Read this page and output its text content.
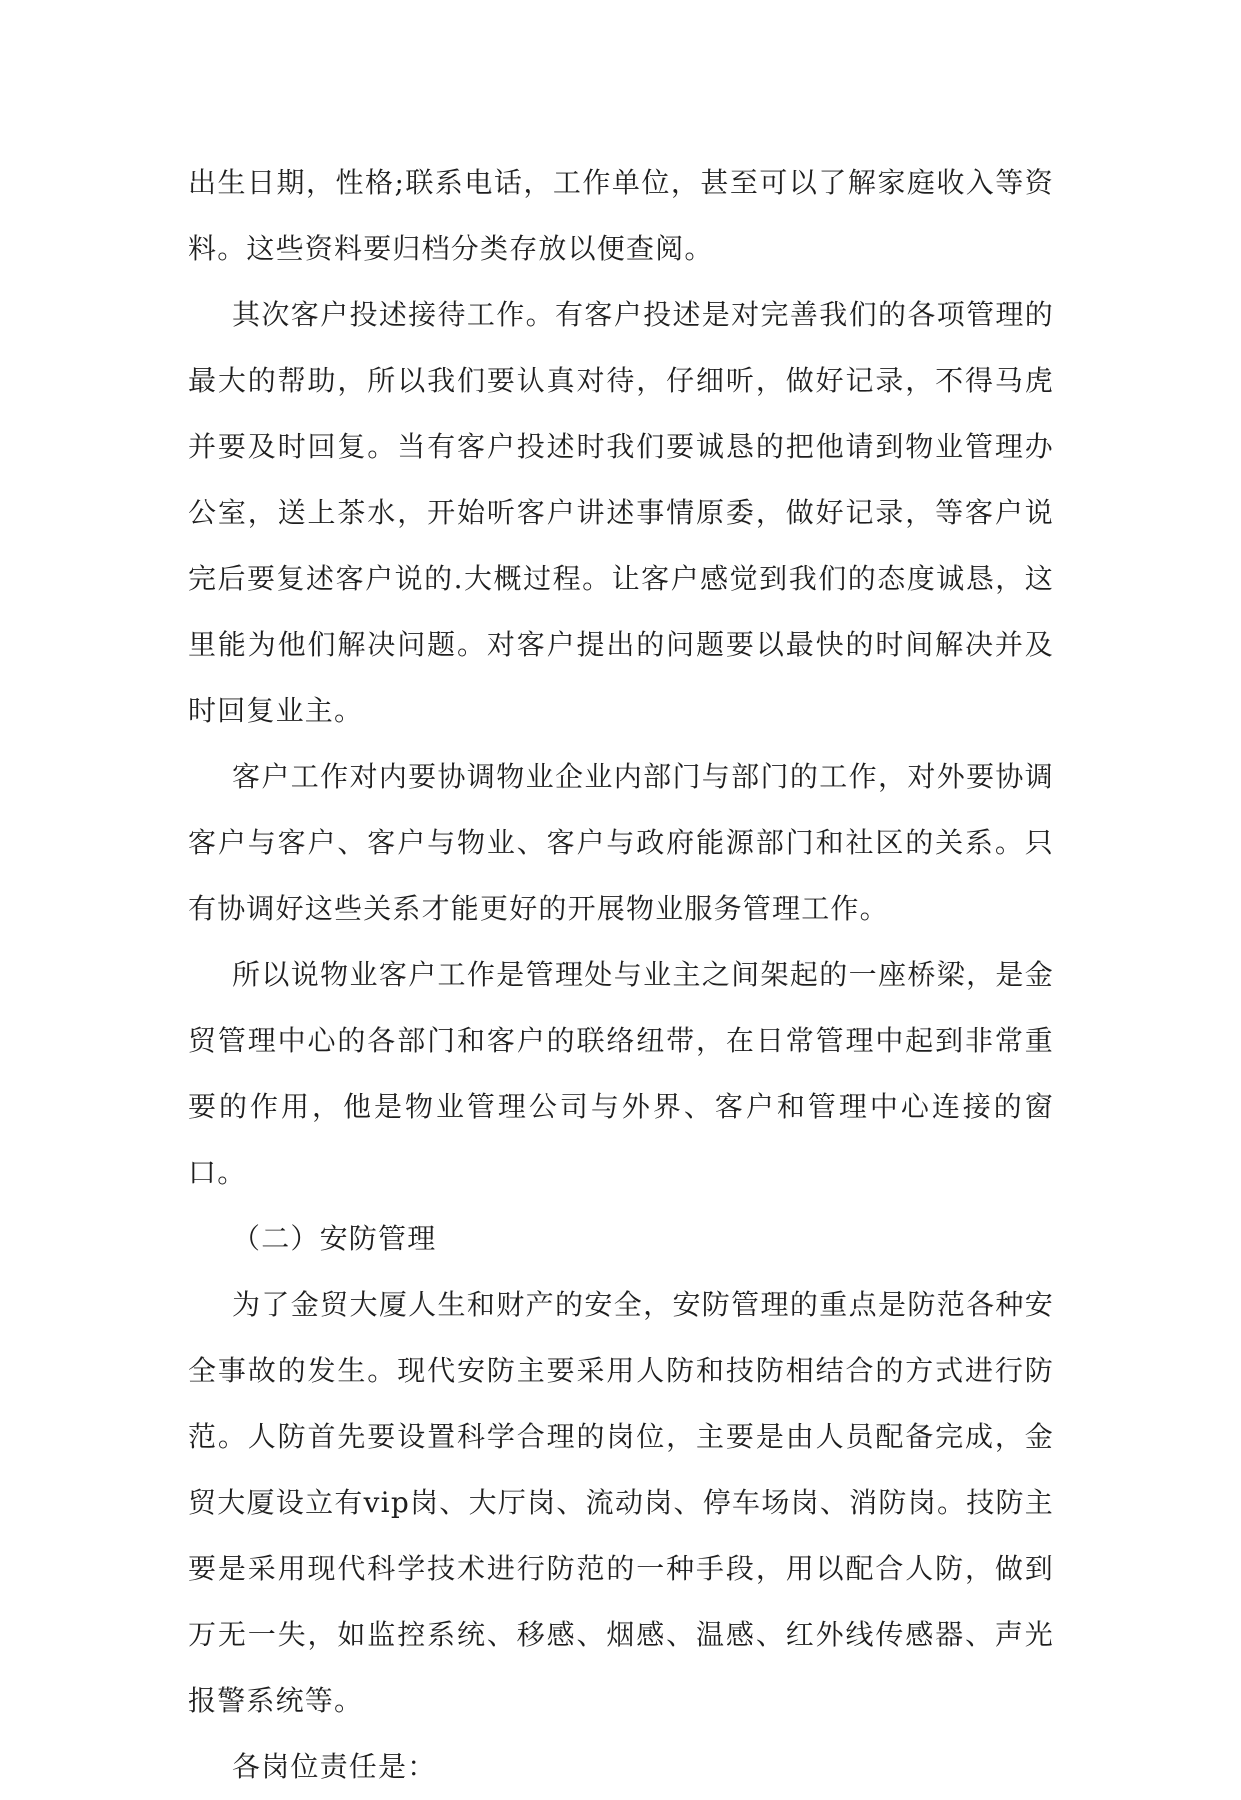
出生日期，性格;联系电话，工作单位，甚至可以了解家庭收入等资料。这些资料要归档分类存放以便查阅。

其次客户投述接待工作。有客户投述是对完善我们的各项管理的最大的帮助，所以我们要认真对待，仔细听，做好记录，不得马虎并要及时回复。当有客户投述时我们要诚恳的把他请到物业管理办公室，送上茶水，开始听客户讲述事情原委，做好记录，等客户说完后要复述客户说的.大概过程。让客户感觉到我们的态度诚恳，这里能为他们解决问题。对客户提出的问题要以最快的时间解决并及时回复业主。

客户工作对内要协调物业企业内部门与部门的工作，对外要协调客户与客户、客户与物业、客户与政府能源部门和社区的关系。只有协调好这些关系才能更好的开展物业服务管理工作。

所以说物业客户工作是管理处与业主之间架起的一座桥梁，是金贸管理中心的各部门和客户的联络纽带，在日常管理中起到非常重要的作用，他是物业管理公司与外界、客户和管理中心连接的窗口。

（二）安防管理

为了金贸大厦人生和财产的安全，安防管理的重点是防范各种安全事故的发生。现代安防主要采用人防和技防相结合的方式进行防范。人防首先要设置科学合理的岗位，主要是由人员配备完成，金贸大厦设立有vip岗、大厅岗、流动岗、停车场岗、消防岗。技防主要是采用现代科学技术进行防范的一种手段，用以配合人防，做到万无一失，如监控系统、移感、烟感、温感、红外线传感器、声光报警系统等。

各岗位责任是：
